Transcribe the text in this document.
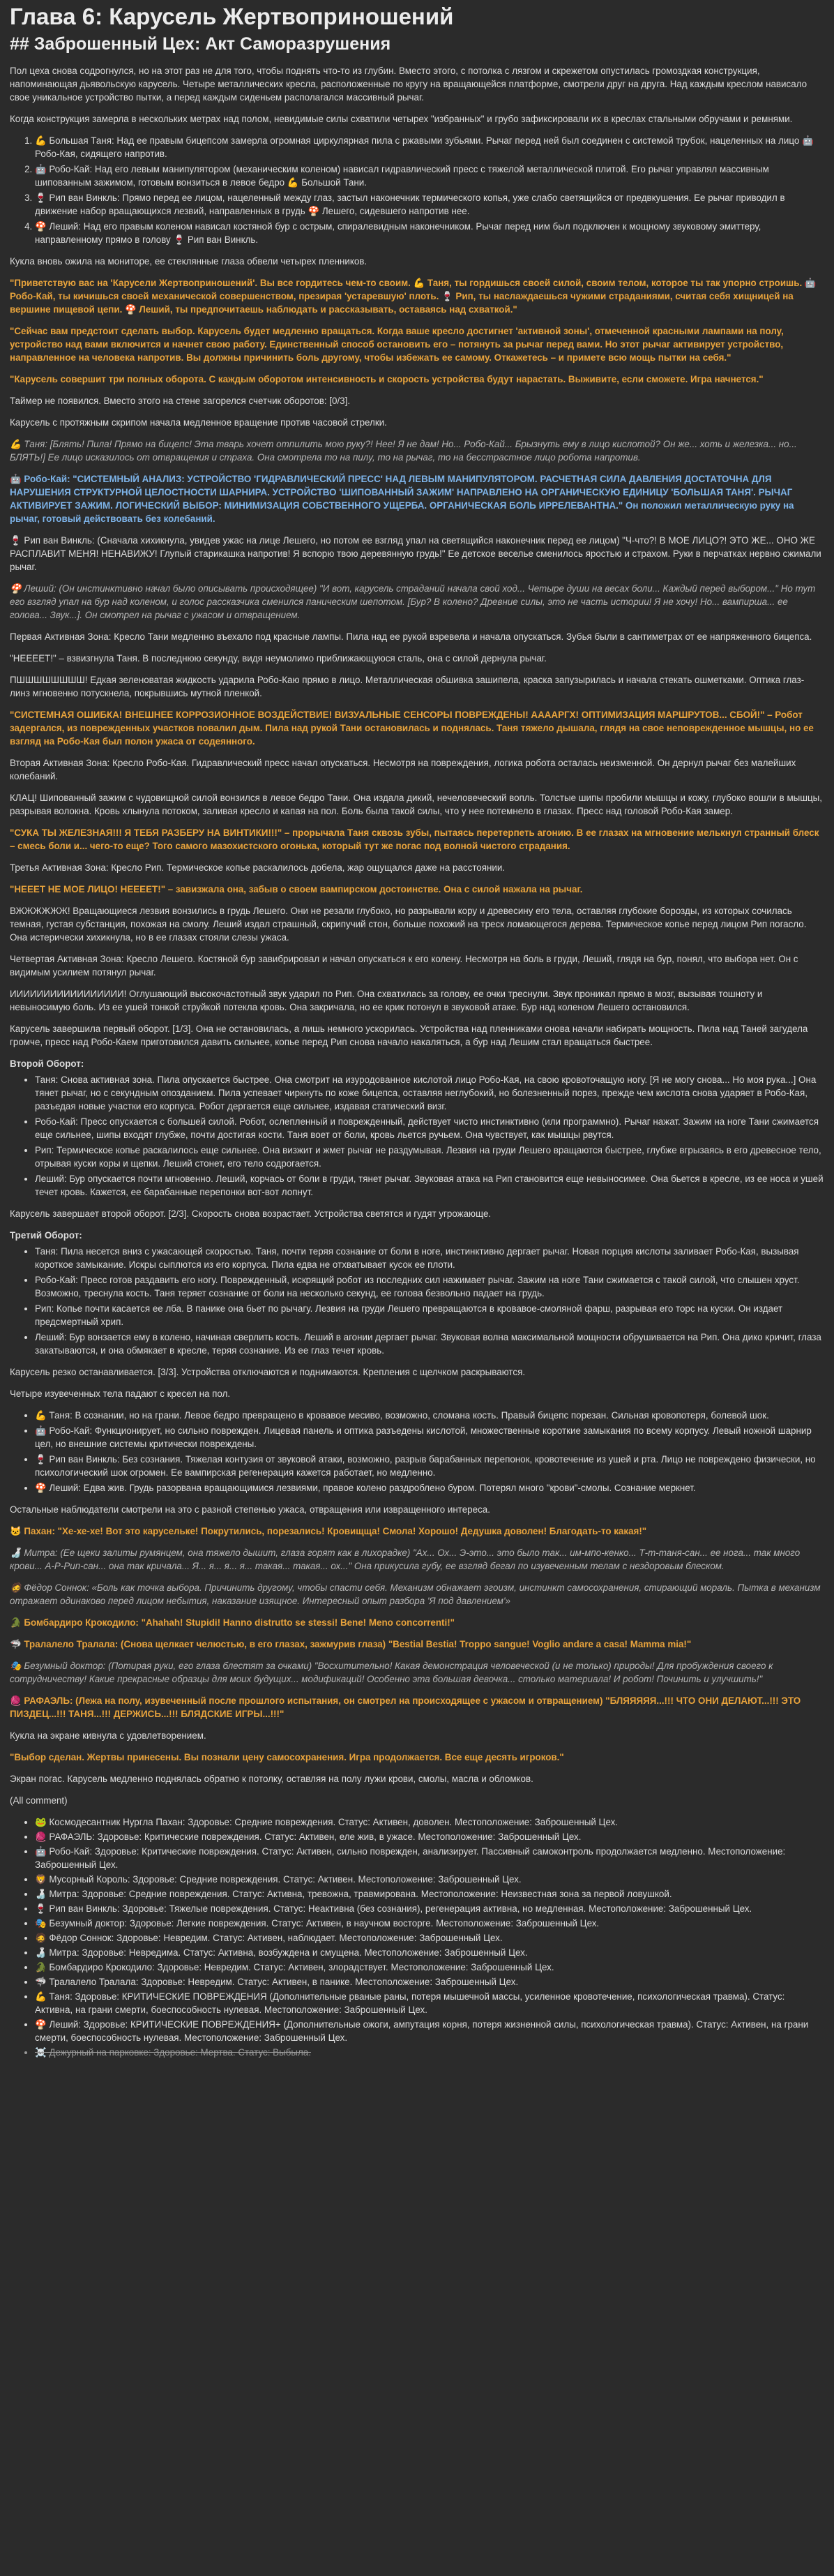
Глава 6: Карусель Жертвоприношений
## Заброшенный Цех: Акт Саморазрушения

Пол цеха снова содрогнулся, но на этот раз не для того, чтобы поднять что-то из глубин. Вместо этого, с потолка с лязгом и скрежетом опустилась громоздкая конструкция, напоминающая дьявольскую карусель. Четыре металлических кресла, расположенные по кругу на вращающейся платформе, смотрели друг на друга. Над каждым креслом нависало свое уникальное устройство пытки, а перед каждым сиденьем располагался массивный рычаг.

Когда конструкция замерла в нескольких метрах над полом, невидимые силы схватили четырех "избранных" и грубо зафиксировали их в креслах стальными обручами и ремнями.

1. 💪 Большая Таня: Над ее правым бицепсом замерла огромная циркулярная пила с ржавыми зубьями. Рычаг перед ней был соединен с системой трубок, нацеленных на лицо 🤖 Робо-Кая, сидящего напротив.
2. 🤖 Робо-Кай: Над его левым манипулятором (механическим коленом) нависал гидравлический пресс с тяжелой металлической плитой. Его рычаг управлял массивным шипованным зажимом, готовым вонзиться в левое бедро 💪 Большой Тани.
3. 🍷 Рип ван Винкль: Прямо перед ее лицом, нацеленный между глаз, застыл наконечник термического копья, уже слабо светящийся от предвкушения. Ее рычаг приводил в движение набор вращающихся лезвий, направленных в грудь 🍄 Лешего, сидевшего напротив нее.
4. 🍄 Леший: Над его правым коленом нависал костяной бур с острым, спиралевидным наконечником. Рычаг перед ним был подключен к мощному звуковому эмиттеру, направленному прямо в голову 🍷 Рип ван Винкль.

Кукла вновь ожила на мониторе, ее стеклянные глаза обвели четырех пленников.

"Приветствую вас на 'Карусели Жертвоприношений'. Вы все гордитесь чем-то своим. 💪 Таня, ты гордишься своей силой, своим телом, которое ты так упорно строишь. 🤖 Робо-Кай, ты кичишься своей механической совершенством, презирая 'устаревшую' плоть. 🍷 Рип, ты наслаждаешься чужими страданиями, считая себя хищницей на вершине пищевой цепи. 🍄 Леший, ты предпочитаешь наблюдать и рассказывать, оставаясь над схваткой."

"Сейчас вам предстоит сделать выбор. Карусель будет медленно вращаться. Когда ваше кресло достигнет 'активной зоны', отмеченной красными лампами на полу, устройство над вами включится и начнет свою работу. Единственный способ остановить его – потянуть за рычаг перед вами. Но этот рычаг активирует устройство, направленное на человека напротив. Вы должны причинить боль другому, чтобы избежать ее самому. Откажетесь – и примете всю мощь пытки на себя."

"Карусель совершит три полных оборота. С каждым оборотом интенсивность и скорость устройства будут нарастать. Выживите, если сможете. Игра начнется."

Таймер не появился. Вместо этого на стене загорелся счетчик оборотов: [0/3].

Карусель с протяжным скрипом начала медленное вращение против часовой стрелки.

💪 Таня: [Блять! Пила! Прямо на бицепс! Эта тварь хочет отпилить мою руку?! Нее! Я не дам! Но... Робо-Кай... Брызнуть ему в лицо кислотой? Он же... хоть и железка... но... БЛЯТЬ!] Ее лицо исказилось от отвращения и страха. Она смотрела то на пилу, то на рычаг, то на бесстрастное лицо робота напротив.

🤖 Робо-Кай: "СИСТЕМНЫЙ АНАЛИЗ: УСТРОЙСТВО 'ГИДРАВЛИЧЕСКИЙ ПРЕСС' НАД ЛЕВЫМ МАНИПУЛЯТОРОМ. РАСЧЕТНАЯ СИЛА ДАВЛЕНИЯ ДОСТАТОЧНА ДЛЯ НАРУШЕНИЯ СТРУКТУРНОЙ ЦЕЛОСТНОСТИ ШАРНИРА. УСТРОЙСТВО 'ШИПОВАННЫЙ ЗАЖИМ' НАПРАВЛЕНО НА ОРГАНИЧЕСКУЮ ЕДИНИЦУ 'БОЛЬШАЯ ТАНЯ'. РЫЧАГ АКТИВИРУЕТ ЗАЖИМ. ЛОГИЧЕСКИЙ ВЫБОР: МИНИМИЗАЦИЯ СОБСТВЕННОГО УЩЕРБА. ОРГАНИЧЕСКАЯ БОЛЬ ИРРЕЛЕВАНТНА." Он положил металлическую руку на рычаг, готовый действовать без колебаний.

🍷 Рип ван Винкль: (Сначала хихикнула, увидев ужас на лице Лешего, но потом ее взгляд упал на светящийся наконечник перед ее лицом) "Ч-что?! В МОЕ ЛИЦО?! ЭТО ЖЕ... ОНО ЖЕ РАСПЛАВИТ МЕНЯ! НЕНАВИЖУ! Глупый старикашка напротив! Я вспорю твою деревянную грудь!" Ее детское веселье сменилось яростью и страхом. Руки в перчатках нервно сжимали рычаг.

🍄 Леший: (Он инстинктивно начал было описывать происходящее) "И вот, карусель страданий начала свой ход... Четыре души на весах боли... Каждый перед выбором..." Но тут его взгляд упал на бур над коленом, и голос рассказчика сменился паническим шепотом. [Бур? В колено? Древние силы, это не часть истории! Я не хочу! Но... вампирша... ее голова... Звук...]. Он смотрел на рычаг с ужасом и отвращением.

Первая Активная Зона: Кресло Тани медленно въехало под красные лампы. Пила над ее рукой взревела и начала опускаться. Зубья были в сантиметрах от ее напряженного бицепса.

"НЕЕЕЕТ!" – взвизгнула Таня. В последнюю секунду, видя неумолимо приближающуюся сталь, она с силой дернула рычаг.

ПШШШШШШШШ! Едкая зеленоватая жидкость ударила Робо-Каю прямо в лицо. Металлическая обшивка зашипела, краска запузырилась и начала стекать ошметками. Оптика глаз-линз мгновенно потускнела, покрывшись мутной пленкой.

"СИСТЕМНАЯ ОШИБКА! ВНЕШНЕЕ КОРРОЗИОННОЕ ВОЗДЕЙСТВИЕ! ВИЗУАЛЬНЫЕ СЕНСОРЫ ПОВРЕЖДЕНЫ! ААААРГХ! ОПТИМИЗАЦИЯ МАРШРУТОВ... СБОЙ!" – Робот задергался, из поврежденных участков повалил дым. Пила над рукой Тани остановилась и поднялась. Таня тяжело дышала, глядя на свое неповрежденное мышцы, но ее взгляд на Робо-Кая был полон ужаса от содеянного.

Вторая Активная Зона: Кресло Робо-Кая. Гидравлический пресс начал опускаться. Несмотря на повреждения, логика робота осталась неизменной. Он дернул рычаг без малейших колебаний.

КЛАЦ! Шипованный зажим с чудовищной силой вонзился в левое бедро Тани. Она издала дикий, нечеловеческий вопль. Толстые шипы пробили мышцы и кожу, глубоко вошли в мышцы, разрывая волокна. Кровь хлынула потоком, заливая кресло и капая на пол. Боль была такой силы, что у нее потемнело в глазах. Пресс над головой Робо-Кая замер.

"СУКА ТЫ ЖЕЛЕЗНАЯ!!! Я ТЕБЯ РАЗБЕРУ НА ВИНТИКИ!!!" – прорычала Таня сквозь зубы, пытаясь перетерпеть агонию. В ее глазах на мгновение мелькнул странный блеск – смесь боли и... чего-то еще? Того самого мазохистского огонька, который тут же погас под волной чистого страдания.

Третья Активная Зона: Кресло Рип. Термическое копье раскалилось добела, жар ощущался даже на расстоянии.

"НЕЕЕТ НЕ МОЕ ЛИЦО! НЕЕЕЕТ!" – завизжала она, забыв о своем вампирском достоинстве. Она с силой нажала на рычаг.

ВЖЖЖЖЖЖ! Вращающиеся лезвия вонзились в грудь Лешего. Они не резали глубоко, но разрывали кору и древесину его тела, оставляя глубокие борозды, из которых сочилась темная, густая субстанция, похожая на смолу. Леший издал страшный, скрипучий стон, больше похожий на треск ломающегося дерева. Термическое копье перед лицом Рип погасло. Она истерически хихикнула, но в ее глазах стояли слезы ужаса.

Четвертая Активная Зона: Кресло Лешего. Костяной бур завибрировал и начал опускаться к его колену. Несмотря на боль в груди, Леший, глядя на бур, понял, что выбора нет. Он с видимым усилием потянул рычаг.

ИИИИИИИИИИИИИИИИИ! Оглушающий высокочастотный звук ударил по Рип. Она схватилась за голову, ее очки треснули. Звук проникал прямо в мозг, вызывая тошноту и невыносимую боль. Из ее ушей тонкой струйкой потекла кровь. Она закричала, но ее крик потонул в звуковой атаке. Бур над коленом Лешего остановился.

Карусель завершила первый оборот. [1/3]. Она не остановилась, а лишь немного ускорилась. Устройства над пленниками снова начали набирать мощность. Пила над Таней загудела громче, пресс над Робо-Каем приготовился давить сильнее, копье перед Рип снова начало накаляться, а бур над Лешим стал вращаться быстрее.

Второй Оборот:

• Таня: Снова активная зона. Пила опускается быстрее. Она смотрит на изуродованное кислотой лицо Робо-Кая, на свою кровоточащую ногу. [Я не могу снова... Но моя рука...] Она тянет рычаг, но с секундным опозданием. Пила успевает чиркнуть по коже бицепса, оставляя неглубокий, но болезненный порез, прежде чем кислота снова ударяет в Робо-Кая, разъедая новые участки его корпуса. Робот дергается еще сильнее, издавая статический визг.
• Робо-Кай: Пресс опускается с большей силой. Робот, ослепленный и поврежденный, действует чисто инстинктивно (или программно). Рычаг нажат. Зажим на ноге Тани сжимается еще сильнее, шипы входят глубже, почти достигая кости. Таня воет от боли, кровь льется ручьем. Она чувствует, как мышцы рвутся.
• Рип: Термическое копье раскалилось еще сильнее. Она визжит и жмет рычаг не раздумывая. Лезвия на груди Лешего вращаются быстрее, глубже вгрызаясь в его древесное тело, отрывая куски коры и щепки. Леший стонет, его тело содрогается.
• Леший: Бур опускается почти мгновенно. Леший, корчась от боли в груди, тянет рычаг. Звуковая атака на Рип становится еще невыносимее. Она бьется в кресле, из ее носа и ушей течет кровь. Кажется, ее барабанные перепонки вот-вот лопнут.

Карусель завершает второй оборот. [2/3]. Скорость снова возрастает. Устройства светятся и гудят угрожающе.

Третий Оборот:

• Таня: Пила несется вниз с ужасающей скоростью. Таня, почти теряя сознание от боли в ноге, инстинктивно дергает рычаг. Новая порция кислоты заливает Робо-Кая, вызывая короткое замыкание. Искры сыплются из его корпуса. Пила едва не отхватывает кусок ее плоти.
• Робо-Кай: Пресс готов раздавить его ногу. Поврежденный, искрящий робот из последних сил нажимает рычаг. Зажим на ноге Тани сжимается с такой силой, что слышен хруст. Возможно, треснула кость. Таня теряет сознание от боли на несколько секунд, ее голова безвольно падает на грудь.
• Рип: Копье почти касается ее лба. В панике она бьет по рычагу. Лезвия на груди Лешего превращаются в кровавое-смоляной фарш, разрывая его торс на куски. Он издает предсмертный хрип.
• Леший: Бур вонзается ему в колено, начиная сверлить кость. Леший в агонии дергает рычаг. Звуковая волна максимальной мощности обрушивается на Рип. Она дико кричит, глаза закатываются, и она обмякает в кресле, теряя сознание. Из ее глаз течет кровь.

Карусель резко останавливается. [3/3]. Устройства отключаются и поднимаются. Крепления с щелчком раскрываются.

Четыре изувеченных тела падают с кресел на пол.

• 💪 Таня: В сознании, но на грани. Левое бедро превращено в кровавое месиво, возможно, сломана кость. Правый бицепс порезан. Сильная кровопотеря, болевой шок.
• 🤖 Робо-Кай: Функционирует, но сильно поврежден. Лицевая панель и оптика разъедены кислотой, множественные короткие замыкания по всему корпусу. Левый ножной шарнир цел, но внешние системы критически повреждены.
• 🍷 Рип ван Винкль: Без сознания. Тяжелая контузия от звуковой атаки, возможно, разрыв барабанных перепонок, кровотечение из ушей и рта. Лицо не повреждено физически, но психологический шок огромен. Ее вампирская регенерация кажется работает, но медленно.
• 🍄 Леший: Едва жив. Грудь разорвана вращающимися лезвиями, правое колено раздроблено буром. Потерял много "крови"-смолы. Сознание меркнет.

Остальные наблюдатели смотрели на это с разной степенью ужаса, отвращения или извращенного интереса.

🐱 Пахан: "Хе-хе-хе! Вот это карусельке! Покрутились, порезались! Кровищща! Смола! Хорошо! Дедушка доволен! Благодать-то какая!"

🍶 Митра: (Ее щеки залиты румянцем, она тяжело дышит, глаза горят как в лихорадке) "Ах... Ох... Э-это... это было так... им-мпо-кенко... Т-т-таня-сан... ее нога... так много крови... А-Р-Рип-сан... она так кричала... Я... я... я... я... такая... такая... ох..." Она прикусила губу, ее взгляд бегал по изувеченным телам с нездоровым блеском.

🧔 Фёдор Соннок: «Боль как точка выбора. Причинить другому, чтобы спасти себя. Механизм обнажает эгоизм, инстинкт самосохранения, стирающий мораль. Пытка в механизм отражает одинаково перед лицом небытия, наказание изящное. Интересный опыт разбора 'Я под давлением'»

🐊 Бомбардиро Крокодило: "Ahahah! Stupidi! Hanno distrutto se stessi! Bene! Meno concorrenti!"

🦈 Тралалело Тралала: (Снова щелкает челюстью, в его глазах, зажмурив глаза) "Bestial Bestia! Troppo sangue! Voglio andare a casa! Mamma mia!"

🎭 Безумный доктор: (Потирая руки, его глаза блестят за очками) "Восхитительно! Какая демонстрация человеческой (и не только) природы! Для пробуждения своего к сотрудничеству! Какие прекрасные образцы для моих будущих... модификаций! Особенно эта большая девочка... столько материала! И робот! Починить и улучшить!"

🧶 РАФАЭЛЬ: (Лежа на полу, изувеченный после прошлого испытания, он смотрел на происходящее с ужасом и отвращением) "БЛЯЯЯЯЯ...!!! ЧТО ОНИ ДЕЛАЮТ...!!! ЭТО ПИЗДЕЦ...!!! ТАНЯ...!!! ДЕРЖИСЬ...!!! БЛЯДСКИЕ ИГРЫ...!!!"

Кукла на экране кивнула с удовлетворением.

"Выбор сделан. Жертвы принесены. Вы познали цену самосохранения. Игра продолжается. Все еще десять игроков."

Экран погас. Карусель медленно поднялась обратно к потолку, оставляя на полу лужи крови, смолы, масла и обломков.

(All comment)

• 🐸 Космодесантник Нургла Пахан: Здоровье: Средние повреждения. Статус: Активен, доволен. Местоположение: Заброшенный Цех.
• 🧶 РАФАЭЛЬ: Здоровье: Критические повреждения. Статус: Активен, еле жив, в ужасе. Местоположение: Заброшенный Цех.
• 🤖 Робо-Кай: Здоровье: Критические повреждения. Статус: Активен, сильно поврежден, анализирует. Пассивный самоконтроль продолжается медленно. Местоположение: Заброшенный Цех.
• 🦁 Мусорный Король: Здоровье: Средние повреждения. Статус: Активен. Местоположение: Заброшенный Цех.
• 🍶 Митра: Здоровье: Средние повреждения. Статус: Активна, тревожна, травмирована. Местоположение: Неизвестная зона за первой ловушкой.
• 🍷 Рип ван Винкль: Здоровье: Тяжелые повреждения. Статус: Неактивна (без сознания), регенерация активна, но медленная. Местоположение: Заброшенный Цех.
• 🎭 Безумный доктор: Здоровье: Легкие повреждения. Статус: Активен, в научном восторге. Местоположение: Заброшенный Цех.
• 🧔 Фёдор Соннок: Здоровье: Невредим. Статус: Активен, наблюдает. Местоположение: Заброшенный Цех.
• 🍶 Митра: Здоровье: Невредима. Статус: Активна, возбуждена и смущена. Местоположение: Заброшенный Цех.
• 🐊 Бомбардиро Крокодило: Здоровье: Невредим. Статус: Активен, злорадствует. Местоположение: Заброшенный Цех.
• 🦈 Тралалело Тралала: Здоровье: Невредим. Статус: Активен, в панике. Местоположение: Заброшенный Цех.
• 💪 Таня: Здоровье: КРИТИЧЕСКИЕ ПОВРЕЖДЕНИЯ (Дополнительные рваные раны, потеря мышечной массы, усиленное кровотечение, психологическая травма). Статус: Активна, на грани смерти, боеспособность нулевая. Местоположение: Заброшенный Цех.
• 🍄 Леший: Здоровье: КРИТИЧЕСКИЕ ПОВРЕЖДЕНИЯ+ (Дополнительные ожоги, ампутация корня, потеря жизненной силы, психологическая травма). Статус: Активен, на грани смерти, боеспособность нулевая. Местоположение: Заброшенный Цех.
• ☠️ Дежурный на парковке: Здоровье: Мертва. Статус: Выбыла.
